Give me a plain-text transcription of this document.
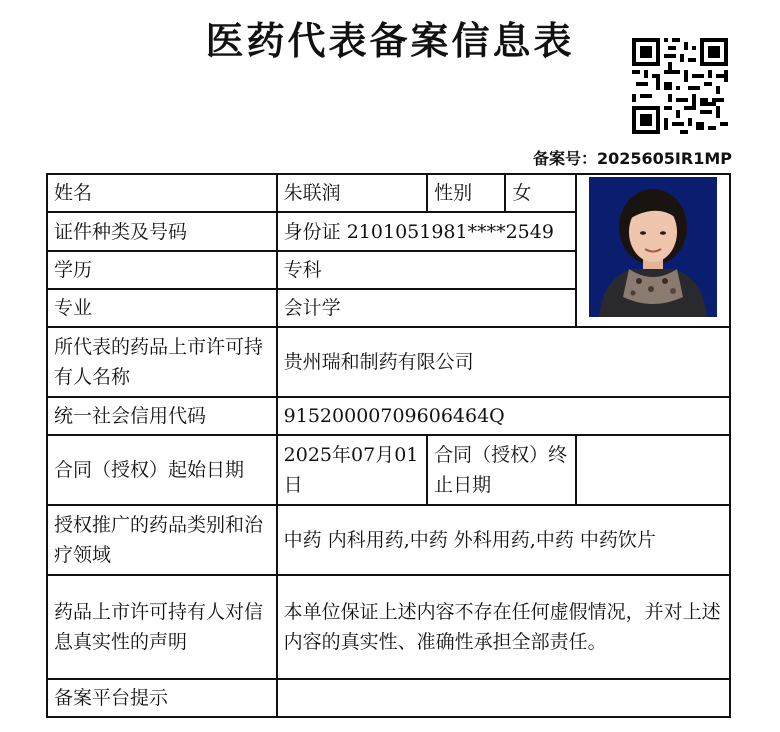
医药代表备案信息表
备案号：2025605IR1MP
姓名	朱联润	性别	女	

证件种类及号码	身份证 2101051981****2549			
学历	专科			
专业	会计学			
所代表的药品上市许可持有人名称	贵州瑞和制药有限公司			
统一社会信用代码	91520000709606464Q			
合同（授权）起始日期	2025年07月01日	合同（授权）终止日期		
授权推广的药品类别和治疗领域	中药 内科用药,中药 外科用药,中药 中药饮片			
药品上市许可持有人对信息真实性的声明	本单位保证上述内容不存在任何虚假情况，并对上述内容的真实性、准确性承担全部责任。			
备案平台提示				
